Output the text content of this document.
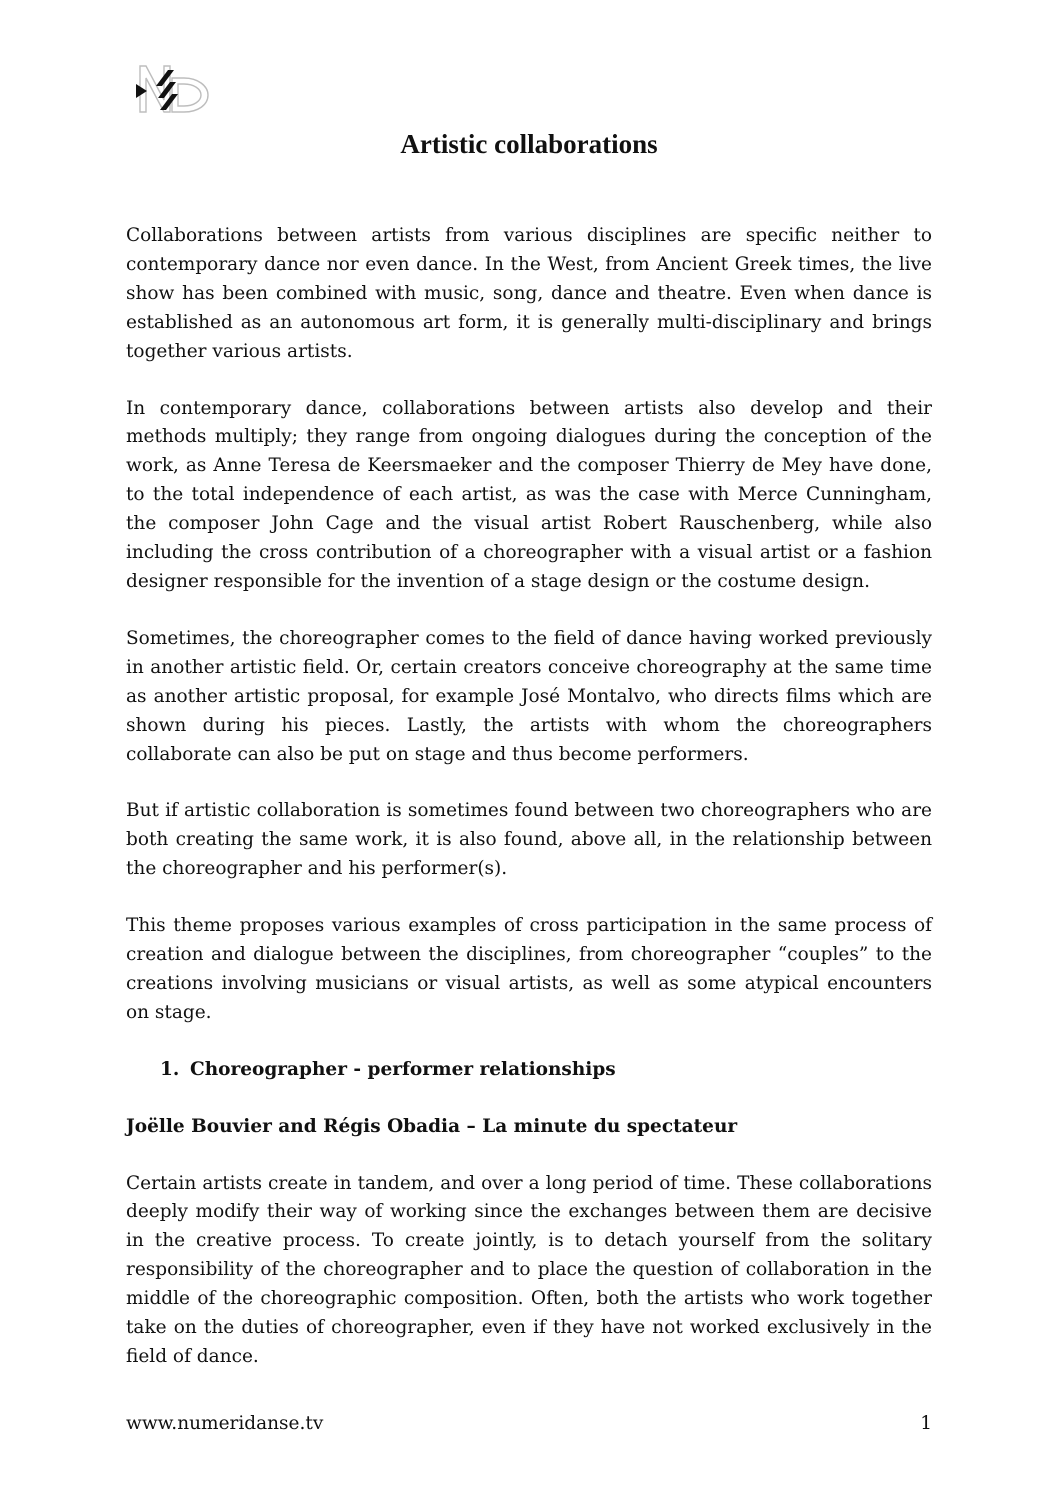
Artistic collaborations

Collaborations between artists from various disciplines are specific neither to contemporary dance nor even dance. In the West, from Ancient Greek times, the live show has been combined with music, song, dance and theatre. Even when dance is established as an autonomous art form, it is generally multi-disciplinary and brings together various artists.

In contemporary dance, collaborations between artists also develop and their methods multiply; they range from ongoing dialogues during the conception of the work, as Anne Teresa de Keersmaeker and the composer Thierry de Mey have done, to the total independence of each artist, as was the case with Merce Cunningham, the composer John Cage and the visual artist Robert Rauschenberg, while also including the cross contribution of a choreographer with a visual artist or a fashion designer responsible for the invention of a stage design or the costume design.

Sometimes, the choreographer comes to the field of dance having worked previously in another artistic field. Or, certain creators conceive choreography at the same time as another artistic proposal, for example José Montalvo, who directs films which are shown during his pieces. Lastly, the artists with whom the choreographers collaborate can also be put on stage and thus become performers.

But if artistic collaboration is sometimes found between two choreographers who are both creating the same work, it is also found, above all, in the relationship between the choreographer and his performer(s).

This theme proposes various examples of cross participation in the same process of creation and dialogue between the disciplines, from choreographer “couples” to the creations involving musicians or visual artists, as well as some atypical encounters on stage.

1. Choreographer - performer relationships
Joëlle Bouvier and Régis Obadia – La minute du spectateur

Certain artists create in tandem, and over a long period of time. These collaborations deeply modify their way of working since the exchanges between them are decisive in the creative process. To create jointly, is to detach yourself from the solitary responsibility of the choreographer and to place the question of collaboration in the middle of the choreographic composition. Often, both the artists who work together take on the duties of choreographer, even if they have not worked exclusively in the field of dance.

www.numeridanse.tv	1
